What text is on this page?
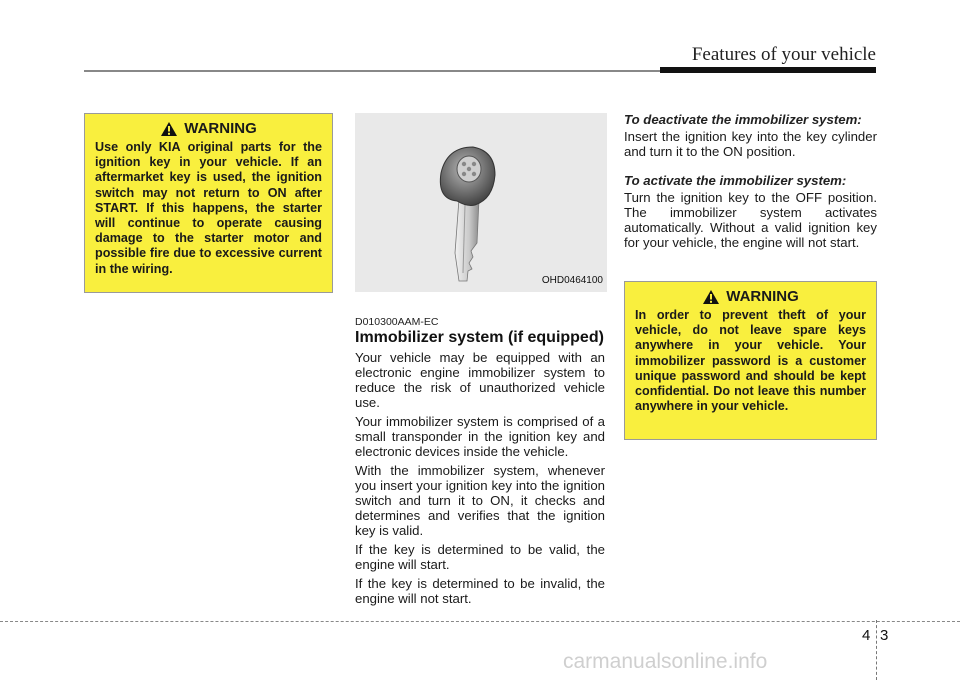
Features of your vehicle
WARNING
Use only KIA original parts for the ignition key in your vehicle. If an aftermarket key is used, the ignition switch may not return to ON after START. If this happens, the starter will continue to operate causing damage to the starter motor and possible fire due to excessive current in the wiring.
OHD0464100
D010300AAM-EC
Immobilizer system (if equipped)

Your vehicle may be equipped with an electronic engine immobilizer system to reduce the risk of unauthorized vehicle use.

Your immobilizer system is comprised of a small transponder in the ignition key and electronic devices inside the vehicle.

With the immobilizer system, whenever you insert your ignition key into the ignition switch and turn it to ON, it checks and determines and verifies that the ignition key is valid.

If the key is determined to be valid, the engine will start.

If the key is determined to be invalid, the engine will not start.

To deactivate the immobilizer system:

Insert the ignition key into the key cylinder and turn it to the ON position.

To activate the immobilizer system:

Turn the ignition key to the OFF position. The immobilizer system activates automatically. Without a valid ignition key for your vehicle, the engine will not start.

WARNING
In order to prevent theft of your vehicle, do not leave spare keys anywhere in your vehicle. Your immobilizer password is a customer unique password and should be kept confidential. Do not leave this number anywhere in your vehicle.
4 3
carmanualsonline.info
